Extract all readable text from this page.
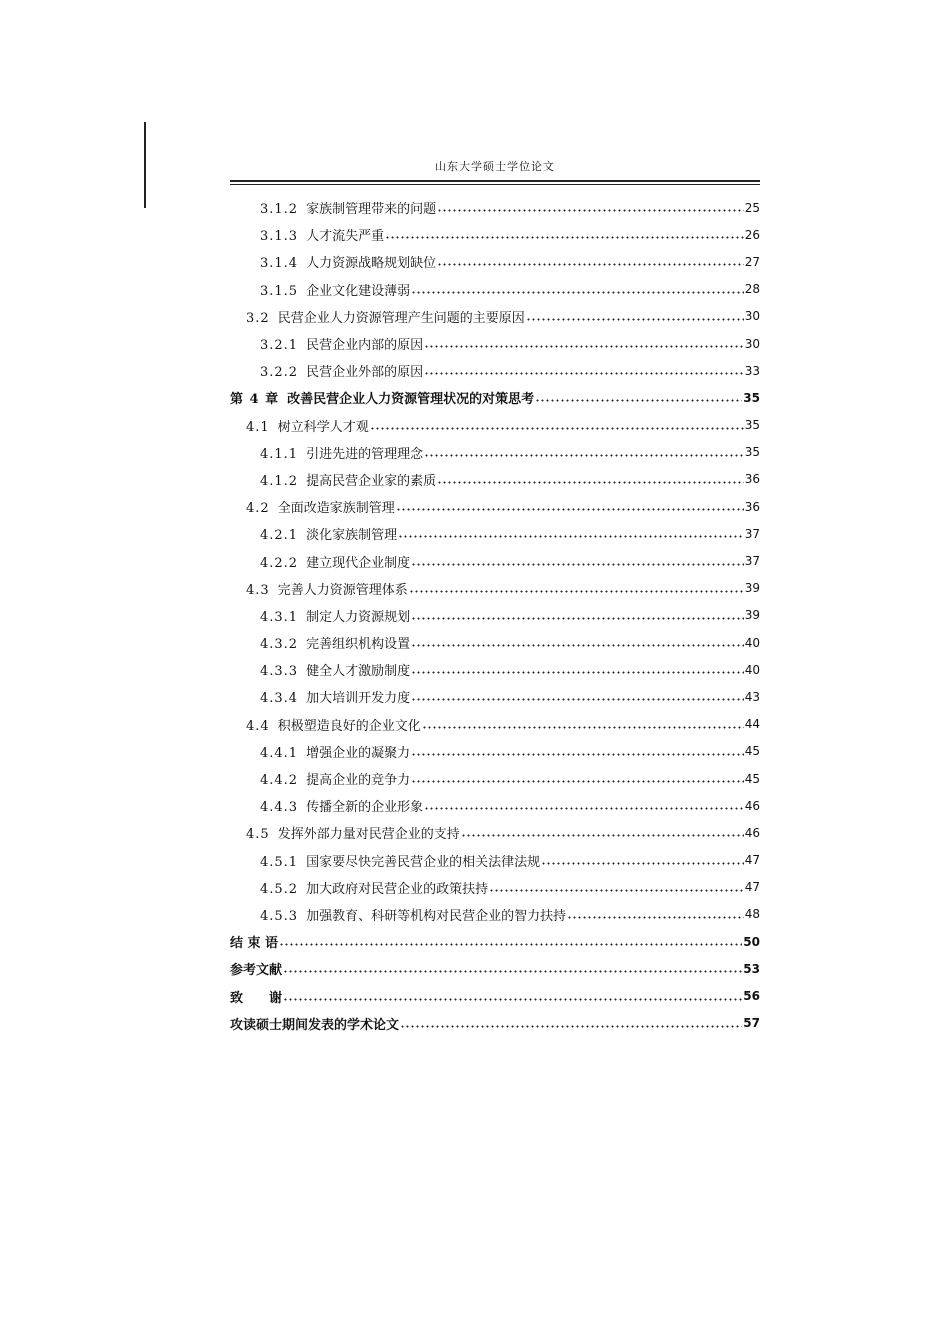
山东大学硕士学位论文
3.1.2 家族制管理带来的问题	25
3.1.3 人才流失严重	26
3.1.4 人力资源战略规划缺位	27
3.1.5 企业文化建设薄弱	28
3.2 民营企业人力资源管理产生问题的主要原因	30
3.2.1 民营企业内部的原因	30
3.2.2 民营企业外部的原因	33
第 4 章 改善民营企业人力资源管理状况的对策思考	35
4.1 树立科学人才观	35
4.1.1 引进先进的管理理念	35
4.1.2 提高民营企业家的素质	36
4.2 全面改造家族制管理	36
4.2.1 淡化家族制管理	37
4.2.2 建立现代企业制度	37
4.3 完善人力资源管理体系	39
4.3.1 制定人力资源规划	39
4.3.2 完善组织机构设置	40
4.3.3 健全人才激励制度	40
4.3.4 加大培训开发力度	43
4.4 积极塑造良好的企业文化	44
4.4.1 增强企业的凝聚力	45
4.4.2 提高企业的竞争力	45
4.4.3 传播全新的企业形象	46
4.5 发挥外部力量对民营企业的支持	46
4.5.1 国家要尽快完善民营企业的相关法律法规	47
4.5.2 加大政府对民营企业的政策扶持	47
4.5.3 加强教育、科研等机构对民营企业的智力扶持	48
结 束 语	50
参考文献	53
致　　谢	56
攻读硕士期间发表的学术论文	57
